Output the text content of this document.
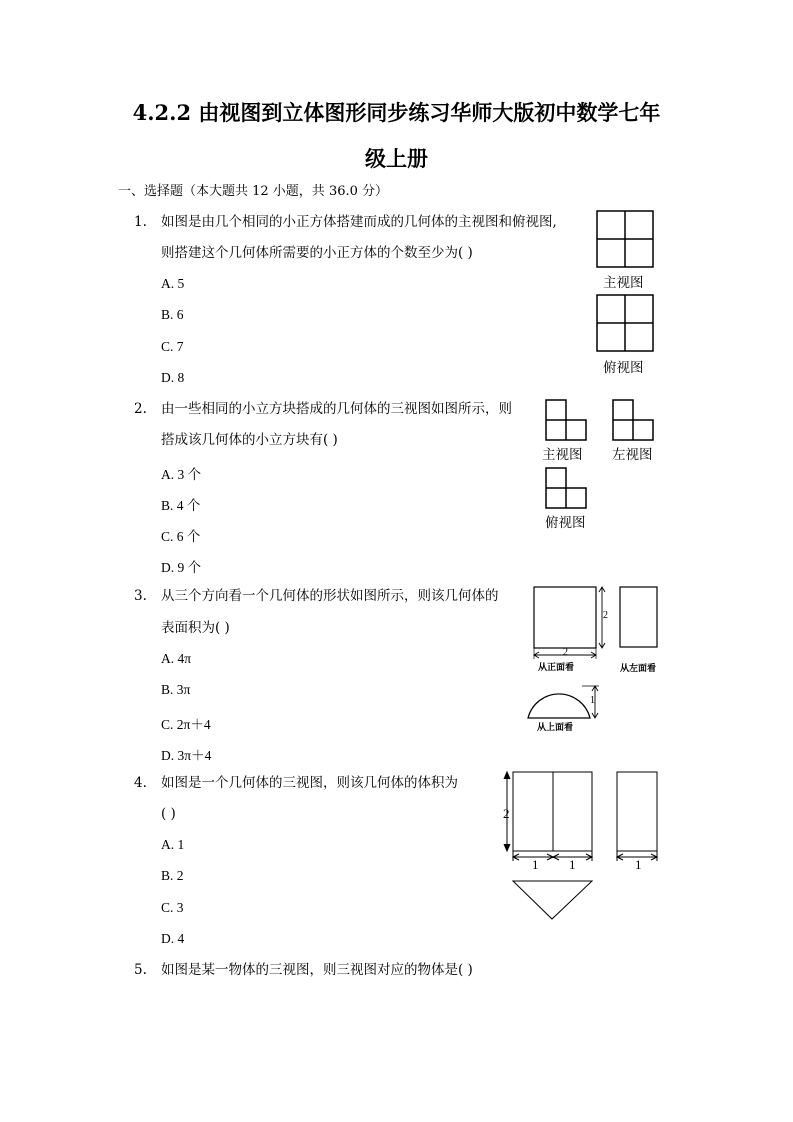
4.2.2 由视图到立体图形同步练习华师大版初中数学七年
级上册
一、选择题（本大题共 12 小题，共 36.0 分）
1. 如图是由几个相同的小正方体搭建而成的几何体的主视图和俯视图,
则搭建这个几何体所需要的小正方体的个数至少为( )
A. 5
B. 6
C. 7
D. 8
主视图
俯视图
2. 由一些相同的小立方块搭成的几何体的三视图如图所示，则
搭成该几何体的小立方块有( )
A. 3 个
B. 4 个
C. 6 个
D. 9 个
主视图 左视图
俯视图
3. 从三个方向看一个几何体的形状如图所示，则该几何体的
表面积为( )
A. 4π
B. 3π
C. 2π＋4
D. 3π＋4
2
2
从正面看	从左面看
1
从上面看
4. 如图是一个几何体的三视图，则该几何体的体积为
( )
A. 1
B. 2
C. 3
D. 4
2
1 1	1
5. 如图是某一物体的三视图，则三视图对应的物体是( )
